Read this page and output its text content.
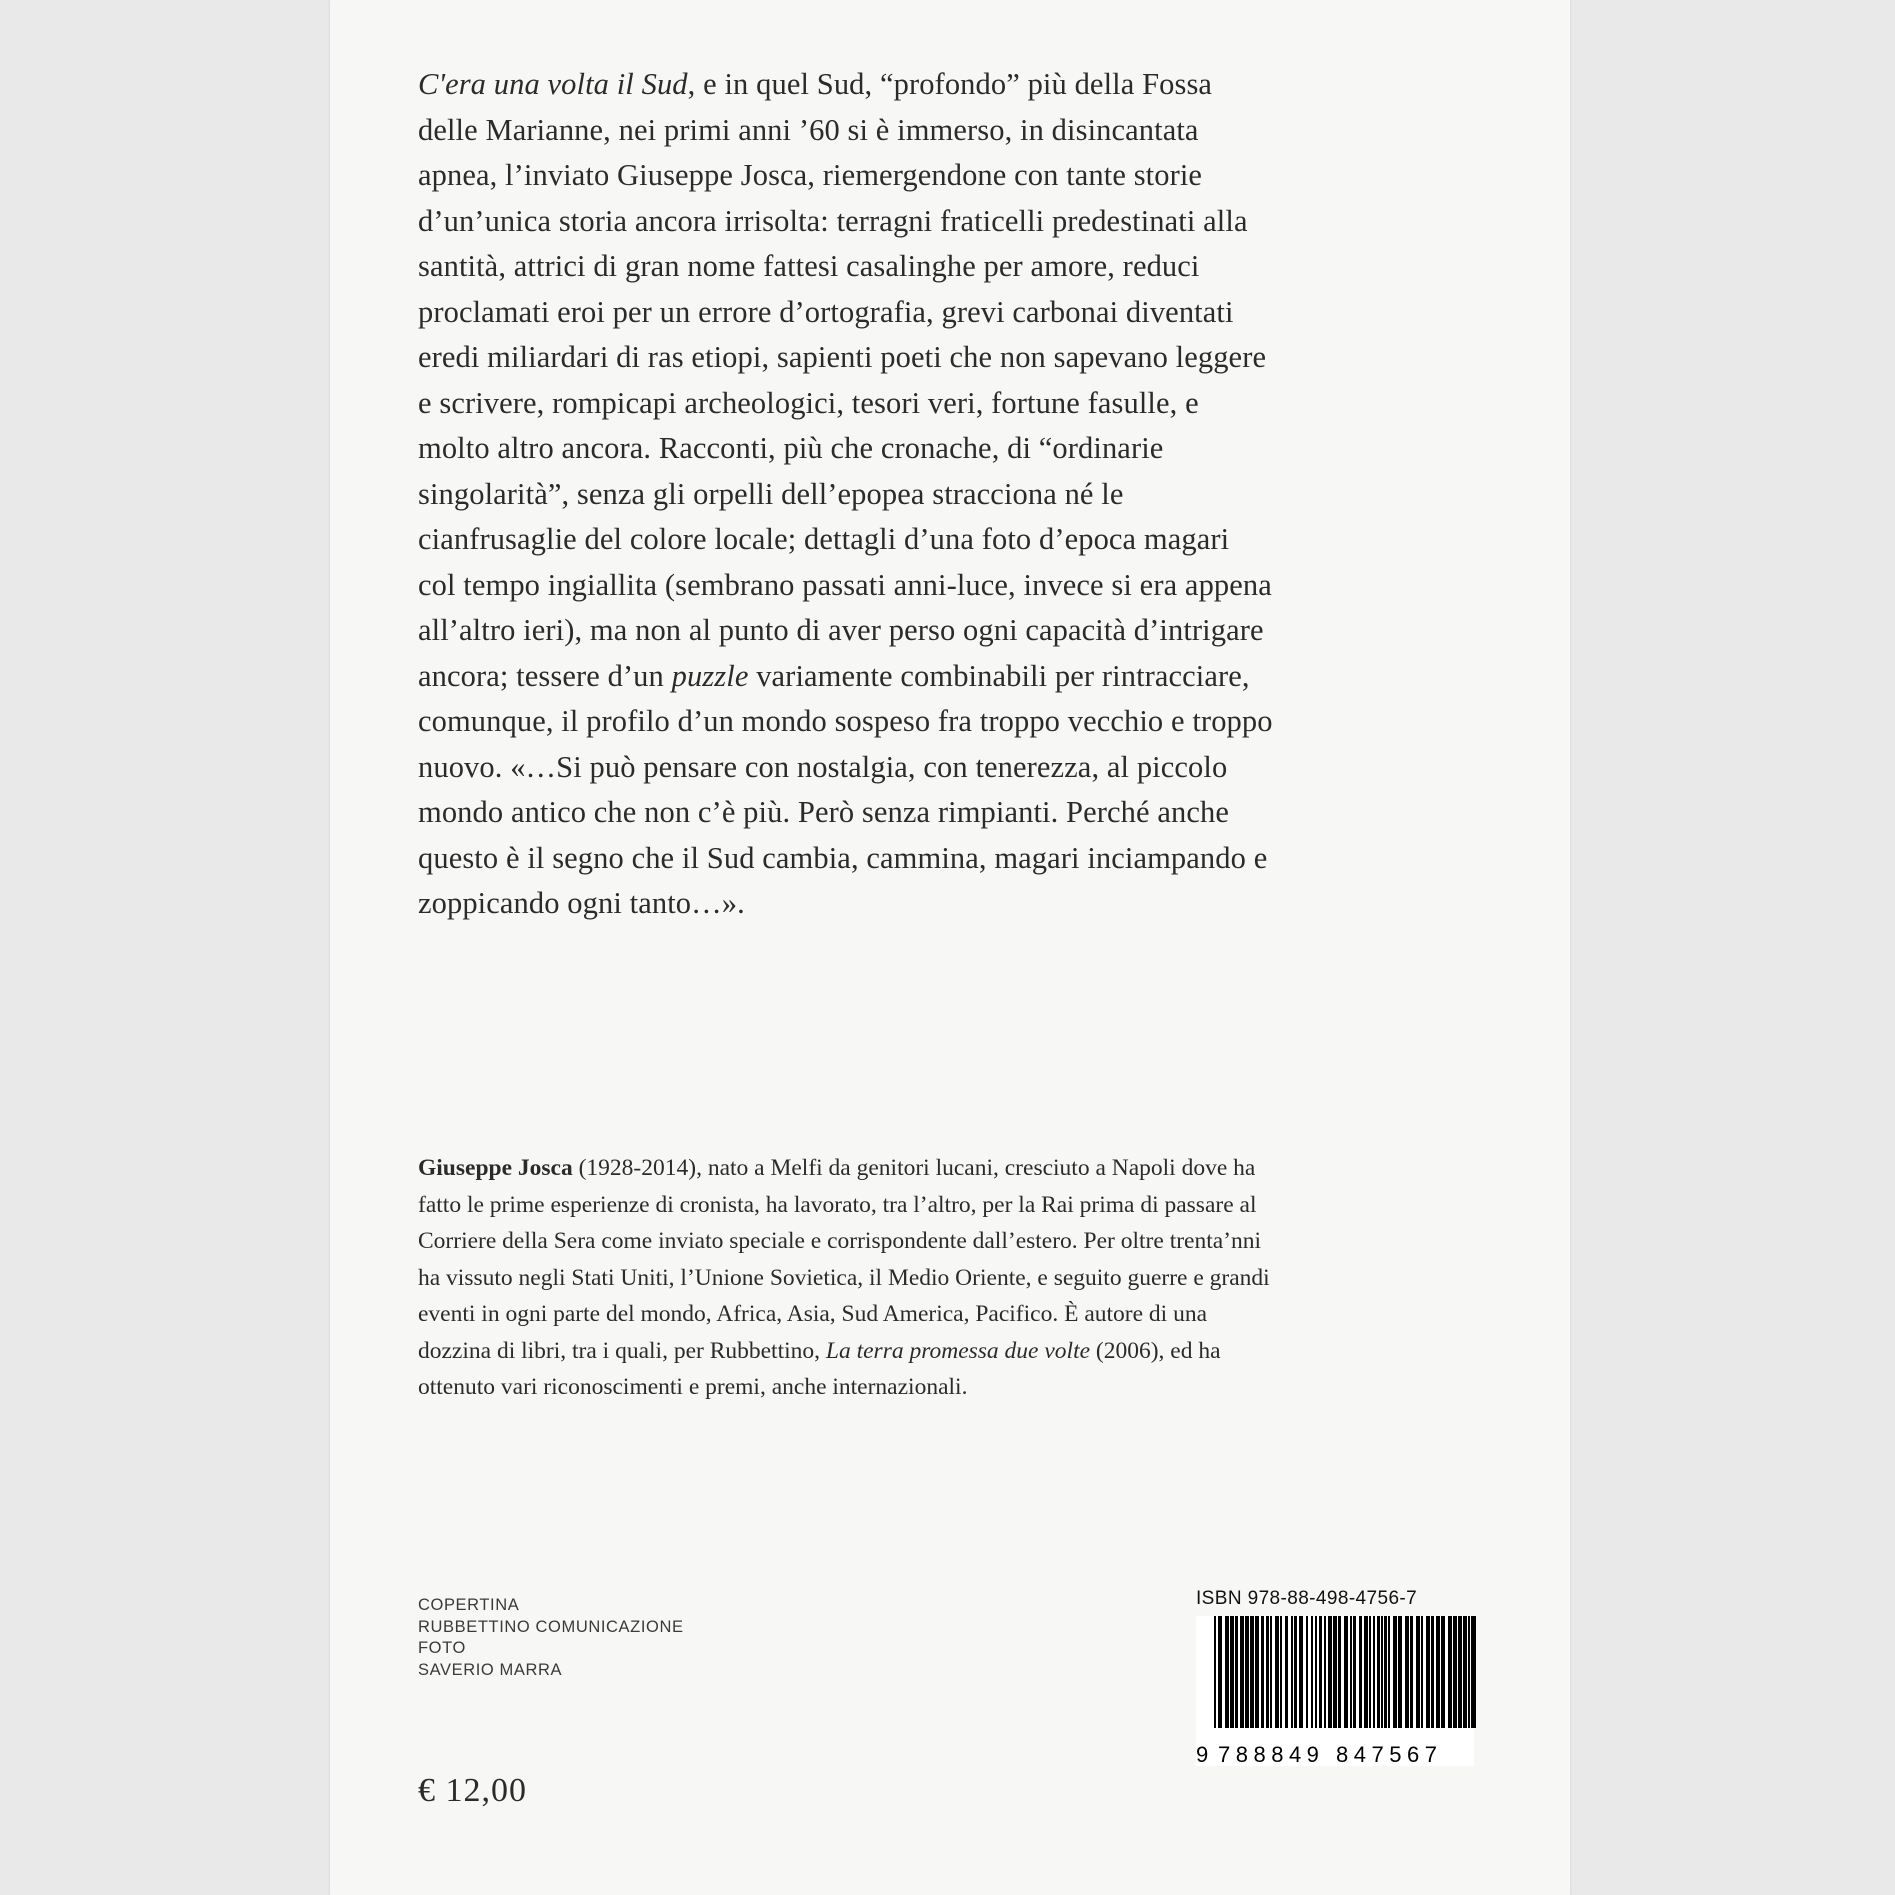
C'era una volta il Sud, e in quel Sud, “profondo” più della Fossa delle Marianne, nei primi anni ’60 si è immerso, in disincantata apnea, l’inviato Giuseppe Josca, riemergendone con tante storie d’un’unica storia ancora irrisolta: terragni fraticelli predestinati alla santità, attrici di gran nome fattesi casalinghe per amore, reduci proclamati eroi per un errore d’ortografia, grevi carbonai diventati eredi miliardari di ras etiopi, sapienti poeti che non sapevano leggere e scrivere, rompicapi archeologici, tesori veri, fortune fasulle, e molto altro ancora. Racconti, più che cronache, di “ordinarie singolarità”, senza gli orpelli dell’epopea stracciona né le cianfrusaglie del colore locale; dettagli d’una foto d’epoca magari col tempo ingiallita (sembrano passati anni-luce, invece si era appena all’altro ieri), ma non al punto di aver perso ogni capacità d’intrigare ancora; tessere d’un puzzle variamente combinabili per rintracciare, comunque, il profilo d’un mondo sospeso fra troppo vecchio e troppo nuovo. «…Si può pensare con nostalgia, con tenerezza, al piccolo mondo antico che non c’è più. Però senza rimpianti. Perché anche questo è il segno che il Sud cambia, cammina, magari inciampando e zoppicando ogni tanto…».
Giuseppe Josca (1928-2014), nato a Melfi da genitori lucani, cresciuto a Napoli dove ha fatto le prime esperienze di cronista, ha lavorato, tra l’altro, per la Rai prima di passare al Corriere della Sera come inviato speciale e corrispondente dall’estero. Per oltre trenta’nni ha vissuto negli Stati Uniti, l’Unione Sovietica, il Medio Oriente, e seguito guerre e grandi eventi in ogni parte del mondo, Africa, Asia, Sud America, Pacifico. È autore di una dozzina di libri, tra i quali, per Rubbettino, La terra promessa due volte (2006), ed ha ottenuto vari riconoscimenti e premi, anche internazionali.
COPERTINA
RUBBETTINO COMUNICAZIONE
FOTO
SAVERIO MARRA
€ 12,00
ISBN 978-88-498-4756-7
9 788849 847567
